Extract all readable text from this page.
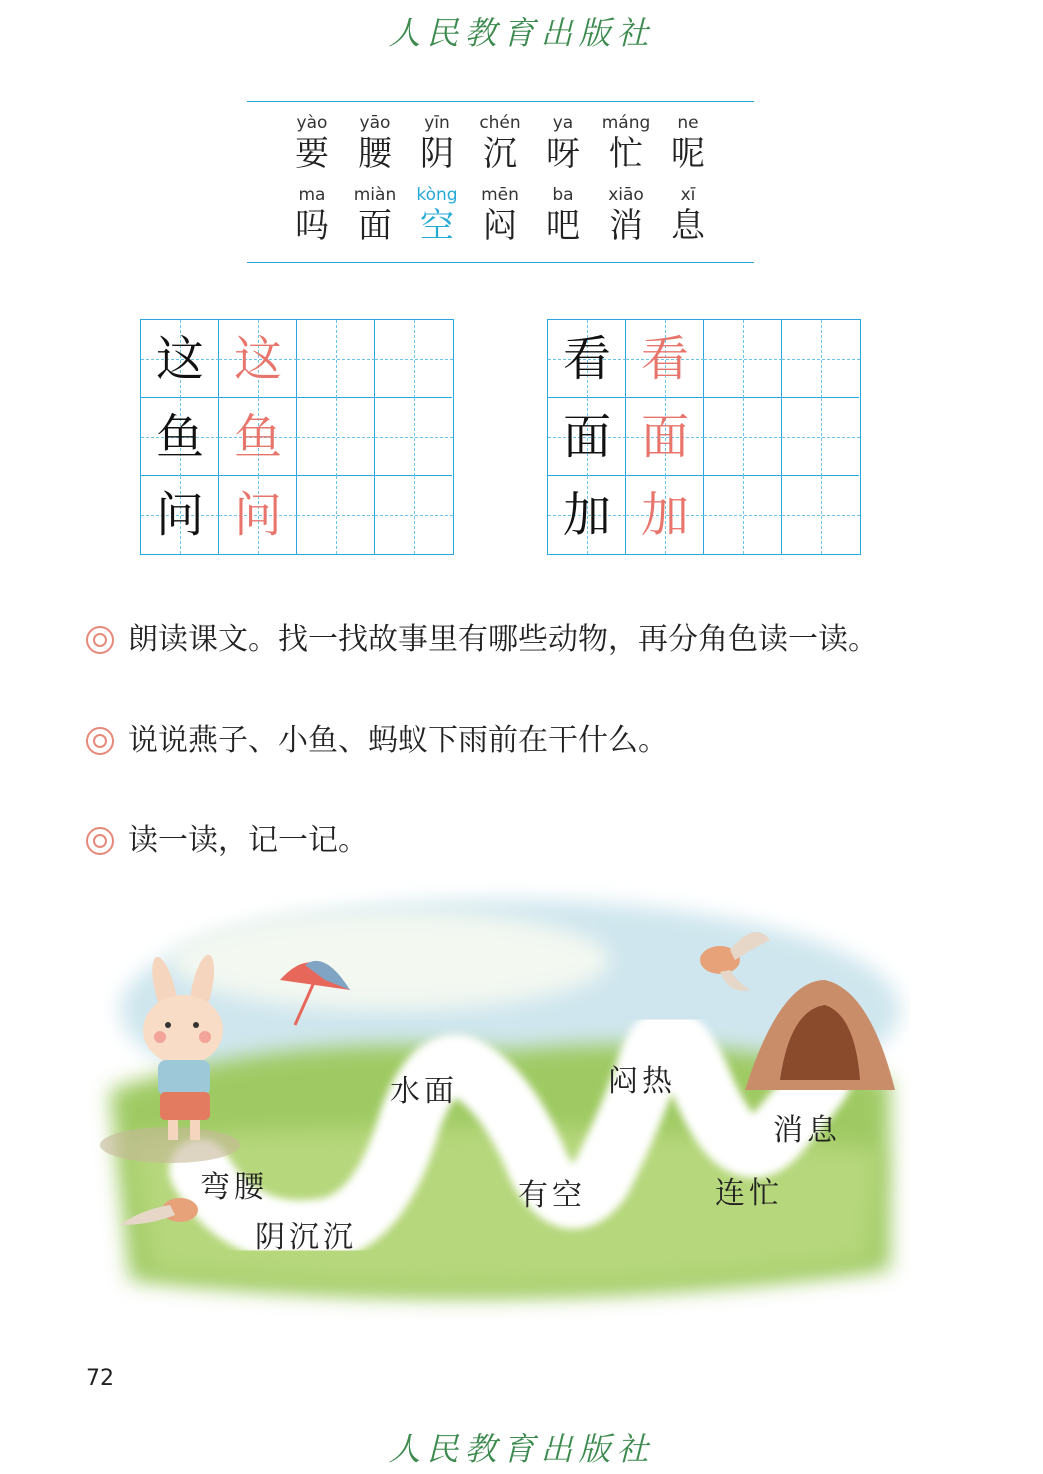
人民教育出版社
yào
要
yāo
腰
yīn
阴
chén
沉
ya
呀
máng
忙
ne
呢
ma
吗
miàn
面
kòng
空
mēn
闷
ba
吧
xiāo
消
xī
息
这 这
鱼 鱼
问 问
看 看
面 面
加 加
朗读课文。找一找故事里有哪些动物，再分角色读一读。
说说燕子、小鱼、蚂蚁下雨前在干什么。
读一读，记一记。
弯腰
阴沉沉
水面
有空
闷热
连忙
消息
72
人民教育出版社
